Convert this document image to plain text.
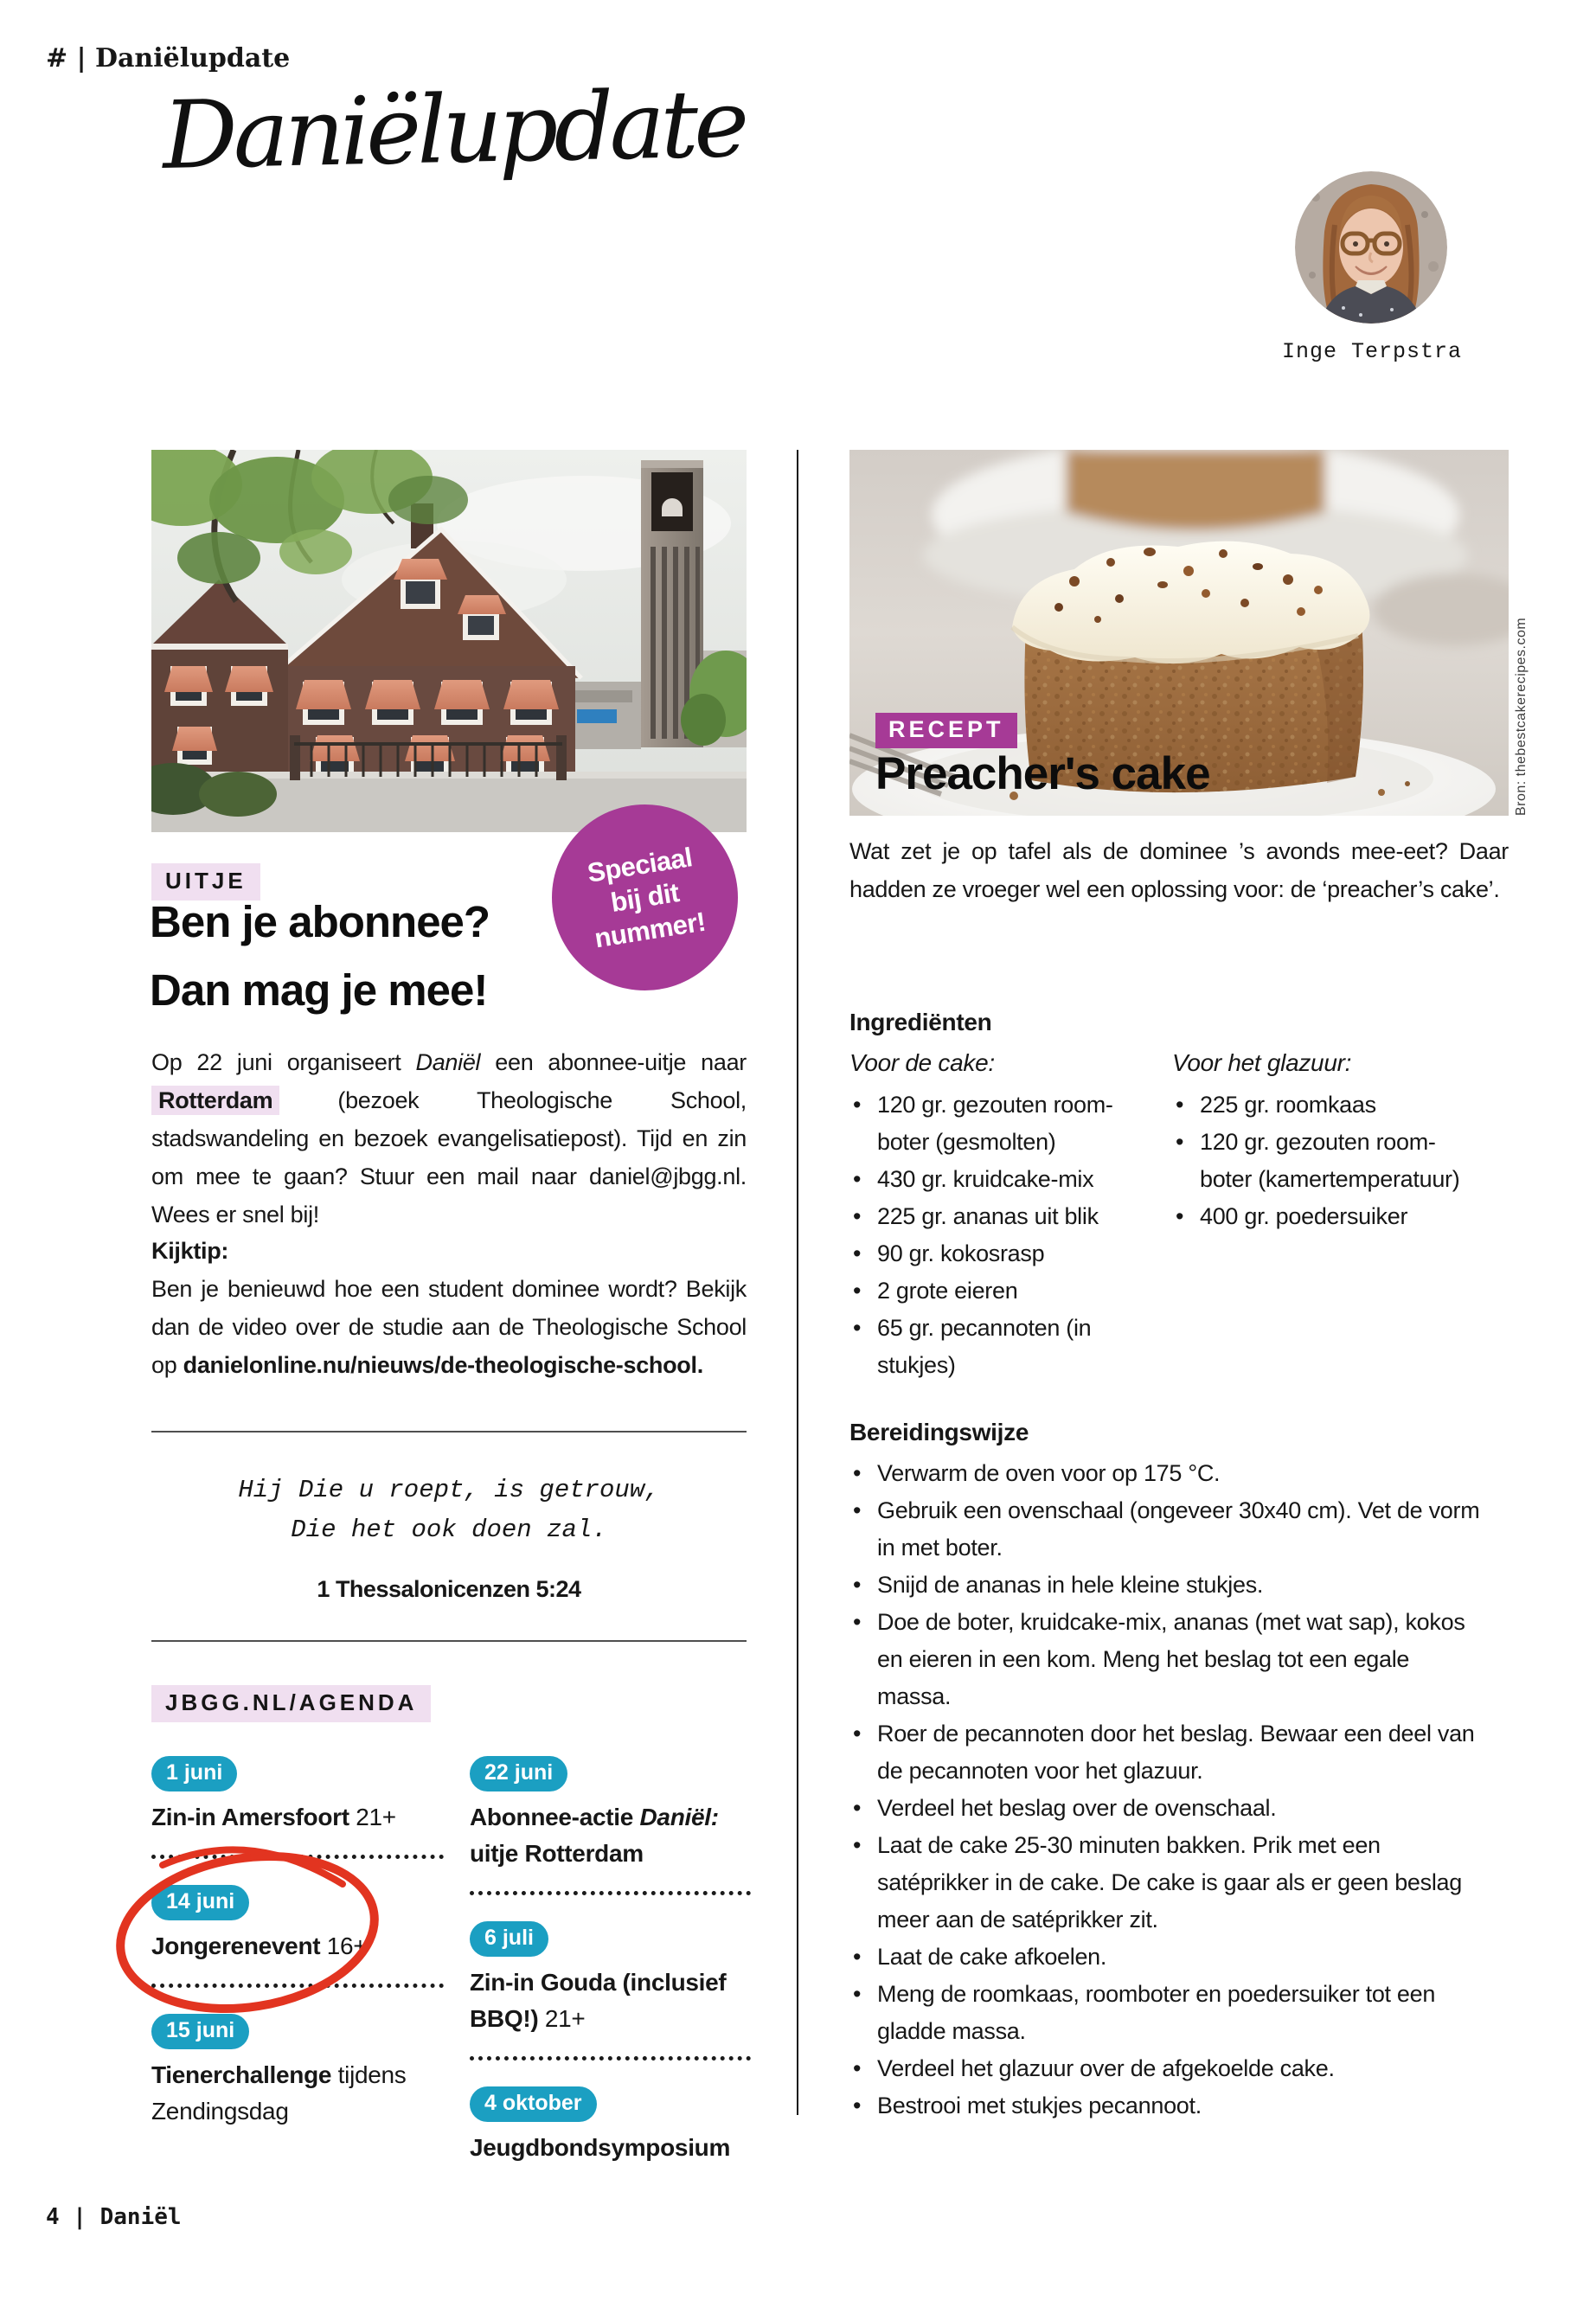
# | Daniëlupdate
Daniëlupdate
Inge Terpstra
Speciaal
bij dit
nummer!
UITJE
Ben je abonnee?
Dan mag je mee!

Op 22 juni organiseert Daniël een abonnee-uitje naar Rotterdam (bezoek Theologische School, stadswandeling en bezoek evangelisatiepost). Tijd en zin om mee te gaan? Stuur een mail naar daniel@jbgg.nl. Wees er snel bij!

Kijktip:
Ben je benieuwd hoe een student dominee wordt? Bekijk dan de video over de studie aan de Theologische School op danielonline.nu/nieuws/de-theologische-school.

Hij Die u roept, is getrouw,
Die het ook doen zal.
1 Thessalonicenzen 5:24
JBGG.NL/AGENDA
1 juni
Zin-in Amersfoort 21+
14 juni
Jongerenevent 16+
15 juni
Tienerchallenge tijdens Zendingsdag
22 juni
Abonnee-actie Daniël: uitje Rotterdam
6 juli
Zin-in Gouda (inclusief BBQ!) 21+
4 oktober
Jeugdbondsymposium
RECEPT
Preacher's cake	Bron: thebestcakerecipes.com

Wat zet je op tafel als de dominee ’s avonds mee-eet? Daar hadden ze vroeger wel een oplossing voor: de ‘preacher’s cake’.

Ingrediënten
Voor de cake:
• 120 gr. gezouten room-boter (gesmolten)
• 430 gr. kruidcake-mix
• 225 gr. ananas uit blik
• 90 gr. kokosrasp
• 2 grote eieren
• 65 gr. pecannoten (in stukjes)
Voor het glazuur:
• 225 gr. roomkaas
• 120 gr. gezouten room-boter (kamertemperatuur)
• 400 gr. poedersuiker
Bereidingswijze
• Verwarm de oven voor op 175 °C.
• Gebruik een ovenschaal (ongeveer 30x40 cm). Vet de vorm in met boter.
• Snijd de ananas in hele kleine stukjes.
• Doe de boter, kruidcake-mix, ananas (met wat sap), kokos en eieren in een kom. Meng het beslag tot een egale massa.
• Roer de pecannoten door het beslag. Bewaar een deel van de pecannoten voor het glazuur.
• Verdeel het beslag over de ovenschaal.
• Laat de cake 25-30 minuten bakken. Prik met een satéprikker in de cake. De cake is gaar als er geen beslag meer aan de satéprikker zit.
• Laat de cake afkoelen.
• Meng de roomkaas, roomboter en poedersuiker tot een gladde massa.
• Verdeel het glazuur over de afgekoelde cake.
• Bestrooi met stukjes pecannoot.
4 | Daniël
